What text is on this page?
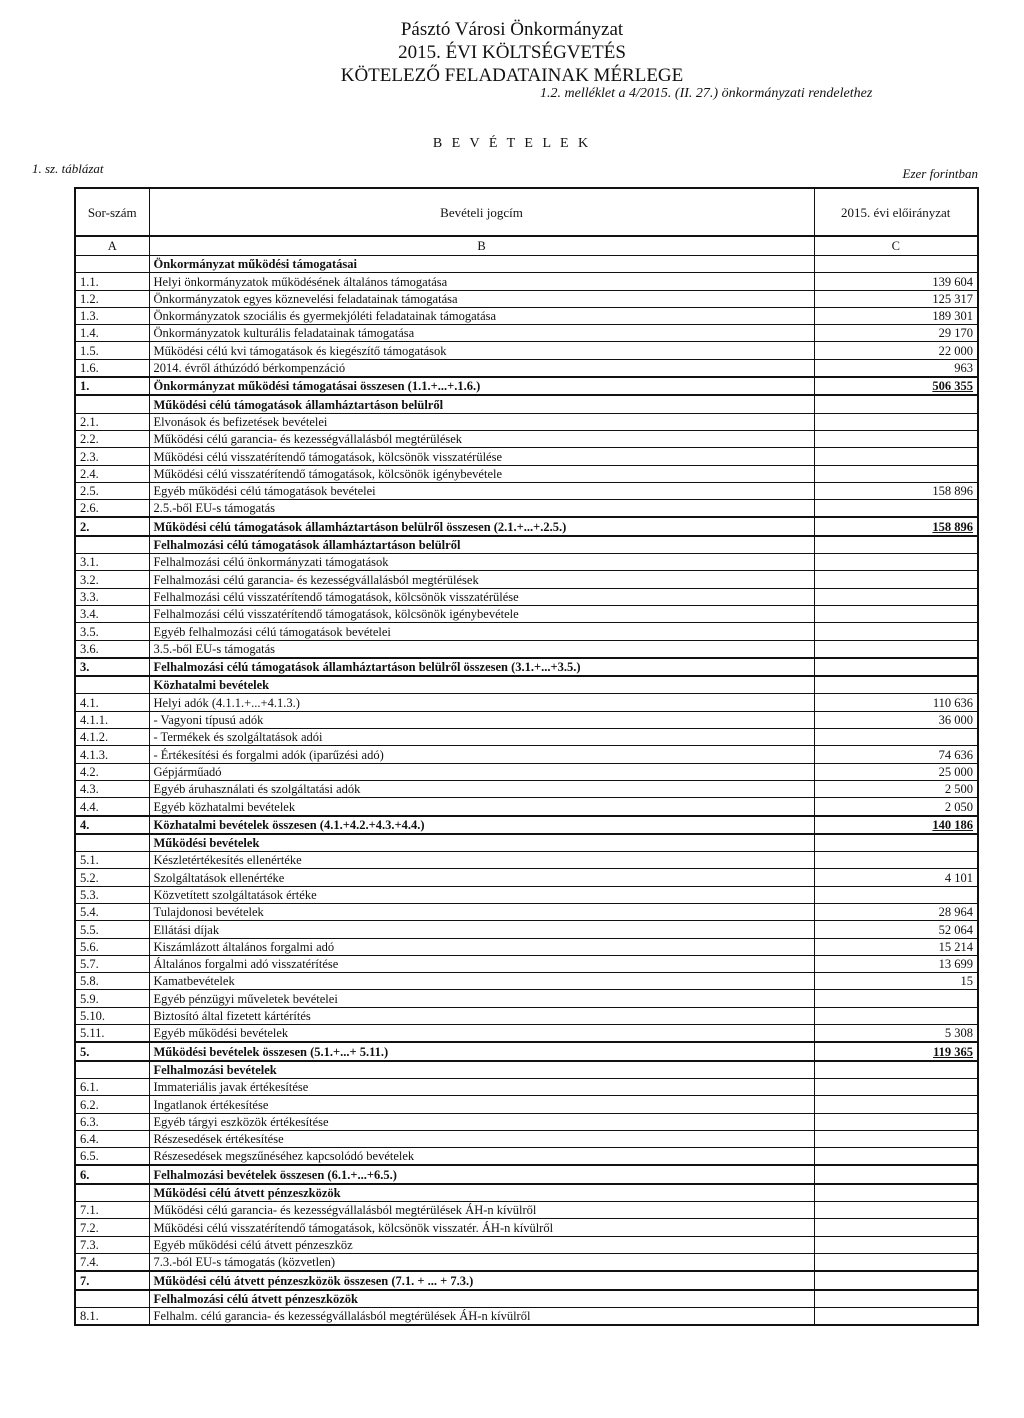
Pásztó Városi Önkormányzat
2015. ÉVI KÖLTSÉGVETÉS
KÖTELEZŐ FELADATAINAK MÉRLEGE
1.2. melléklet a 4/2015. (II. 27.) önkormányzati rendelethez
B E V É T E L E K
1. sz. táblázat	Ezer forintban
Sor-szám	Bevételi jogcím	2015. évi előirányzat
A	B	C
	Önkormányzat működési támogatásai	
1.1.	Helyi önkormányzatok működésének általános támogatása	139 604
1.2.	Önkormányzatok egyes köznevelési feladatainak támogatása	125 317
1.3.	Önkormányzatok szociális és gyermekjóléti feladatainak támogatása	189 301
1.4.	Önkormányzatok kulturális feladatainak támogatása	29 170
1.5.	Működési célú kvi támogatások és kiegészítő támogatások	22 000
1.6.	2014. évről áthúzódó bérkompenzáció	963
1.	Önkormányzat működési támogatásai összesen (1.1.+...+.1.6.)	506 355
	Működési célú támogatások államháztartáson belülről	
2.1.	Elvonások és befizetések bevételei	
2.2.	Működési célú garancia- és kezességvállalásból megtérülések	
2.3.	Működési célú visszatérítendő támogatások, kölcsönök visszatérülése	
2.4.	Működési célú visszatérítendő támogatások, kölcsönök igénybevétele	
2.5.	Egyéb működési célú támogatások bevételei	158 896
2.6.	2.5.-ből EU-s támogatás	
2.	Működési célú támogatások államháztartáson belülről összesen (2.1.+...+.2.5.)	158 896
	Felhalmozási célú támogatások államháztartáson belülről	
3.1.	Felhalmozási célú önkormányzati támogatások	
3.2.	Felhalmozási célú garancia- és kezességvállalásból megtérülések	
3.3.	Felhalmozási célú visszatérítendő támogatások, kölcsönök visszatérülése	
3.4.	Felhalmozási célú visszatérítendő támogatások, kölcsönök igénybevétele	
3.5.	Egyéb felhalmozási célú támogatások bevételei	
3.6.	3.5.-ből EU-s támogatás	
3.	Felhalmozási célú támogatások államháztartáson belülről összesen (3.1.+...+3.5.)	
	Közhatalmi bevételek	
4.1.	Helyi adók (4.1.1.+...+4.1.3.)	110 636
4.1.1.	- Vagyoni típusú adók	36 000
4.1.2.	- Termékek és szolgáltatások adói	
4.1.3.	- Értékesítési és forgalmi adók (iparűzési adó)	74 636
4.2.	Gépjárműadó	25 000
4.3.	Egyéb áruhasználati és szolgáltatási adók	2 500
4.4.	Egyéb közhatalmi bevételek	2 050
4.	Közhatalmi bevételek összesen (4.1.+4.2.+4.3.+4.4.)	140 186
	Működési bevételek	
5.1.	Készletértékesítés ellenértéke	
5.2.	Szolgáltatások ellenértéke	4 101
5.3.	Közvetített szolgáltatások értéke	
5.4.	Tulajdonosi bevételek	28 964
5.5.	Ellátási díjak	52 064
5.6.	Kiszámlázott általános forgalmi adó	15 214
5.7.	Általános forgalmi adó visszatérítése	13 699
5.8.	Kamatbevételek	15
5.9.	Egyéb pénzügyi műveletek bevételei	
5.10.	Biztosító által fizetett kártérítés	
5.11.	Egyéb működési bevételek	5 308
5.	Működési bevételek összesen (5.1.+...+ 5.11.)	119 365
	Felhalmozási bevételek	
6.1.	Immateriális javak értékesítése	
6.2.	Ingatlanok értékesítése	
6.3.	Egyéb tárgyi eszközök értékesítése	
6.4.	Részesedések értékesítése	
6.5.	Részesedések megszűnéséhez kapcsolódó bevételek	
6.	Felhalmozási bevételek összesen (6.1.+...+6.5.)	
	Működési célú átvett pénzeszközök	
7.1.	Működési célú garancia- és kezességvállalásból megtérülések ÁH-n kívülről	
7.2.	Működési célú visszatérítendő támogatások, kölcsönök visszatér. ÁH-n kívülről	
7.3.	Egyéb működési célú átvett pénzeszköz	
7.4.	7.3.-ból EU-s támogatás (közvetlen)	
7.	Működési célú átvett pénzeszközök összesen (7.1. + ... + 7.3.)	
	Felhalmozási célú átvett pénzeszközök	
8.1.	Felhalm. célú garancia- és kezességvállalásból megtérülések ÁH-n kívülről	
